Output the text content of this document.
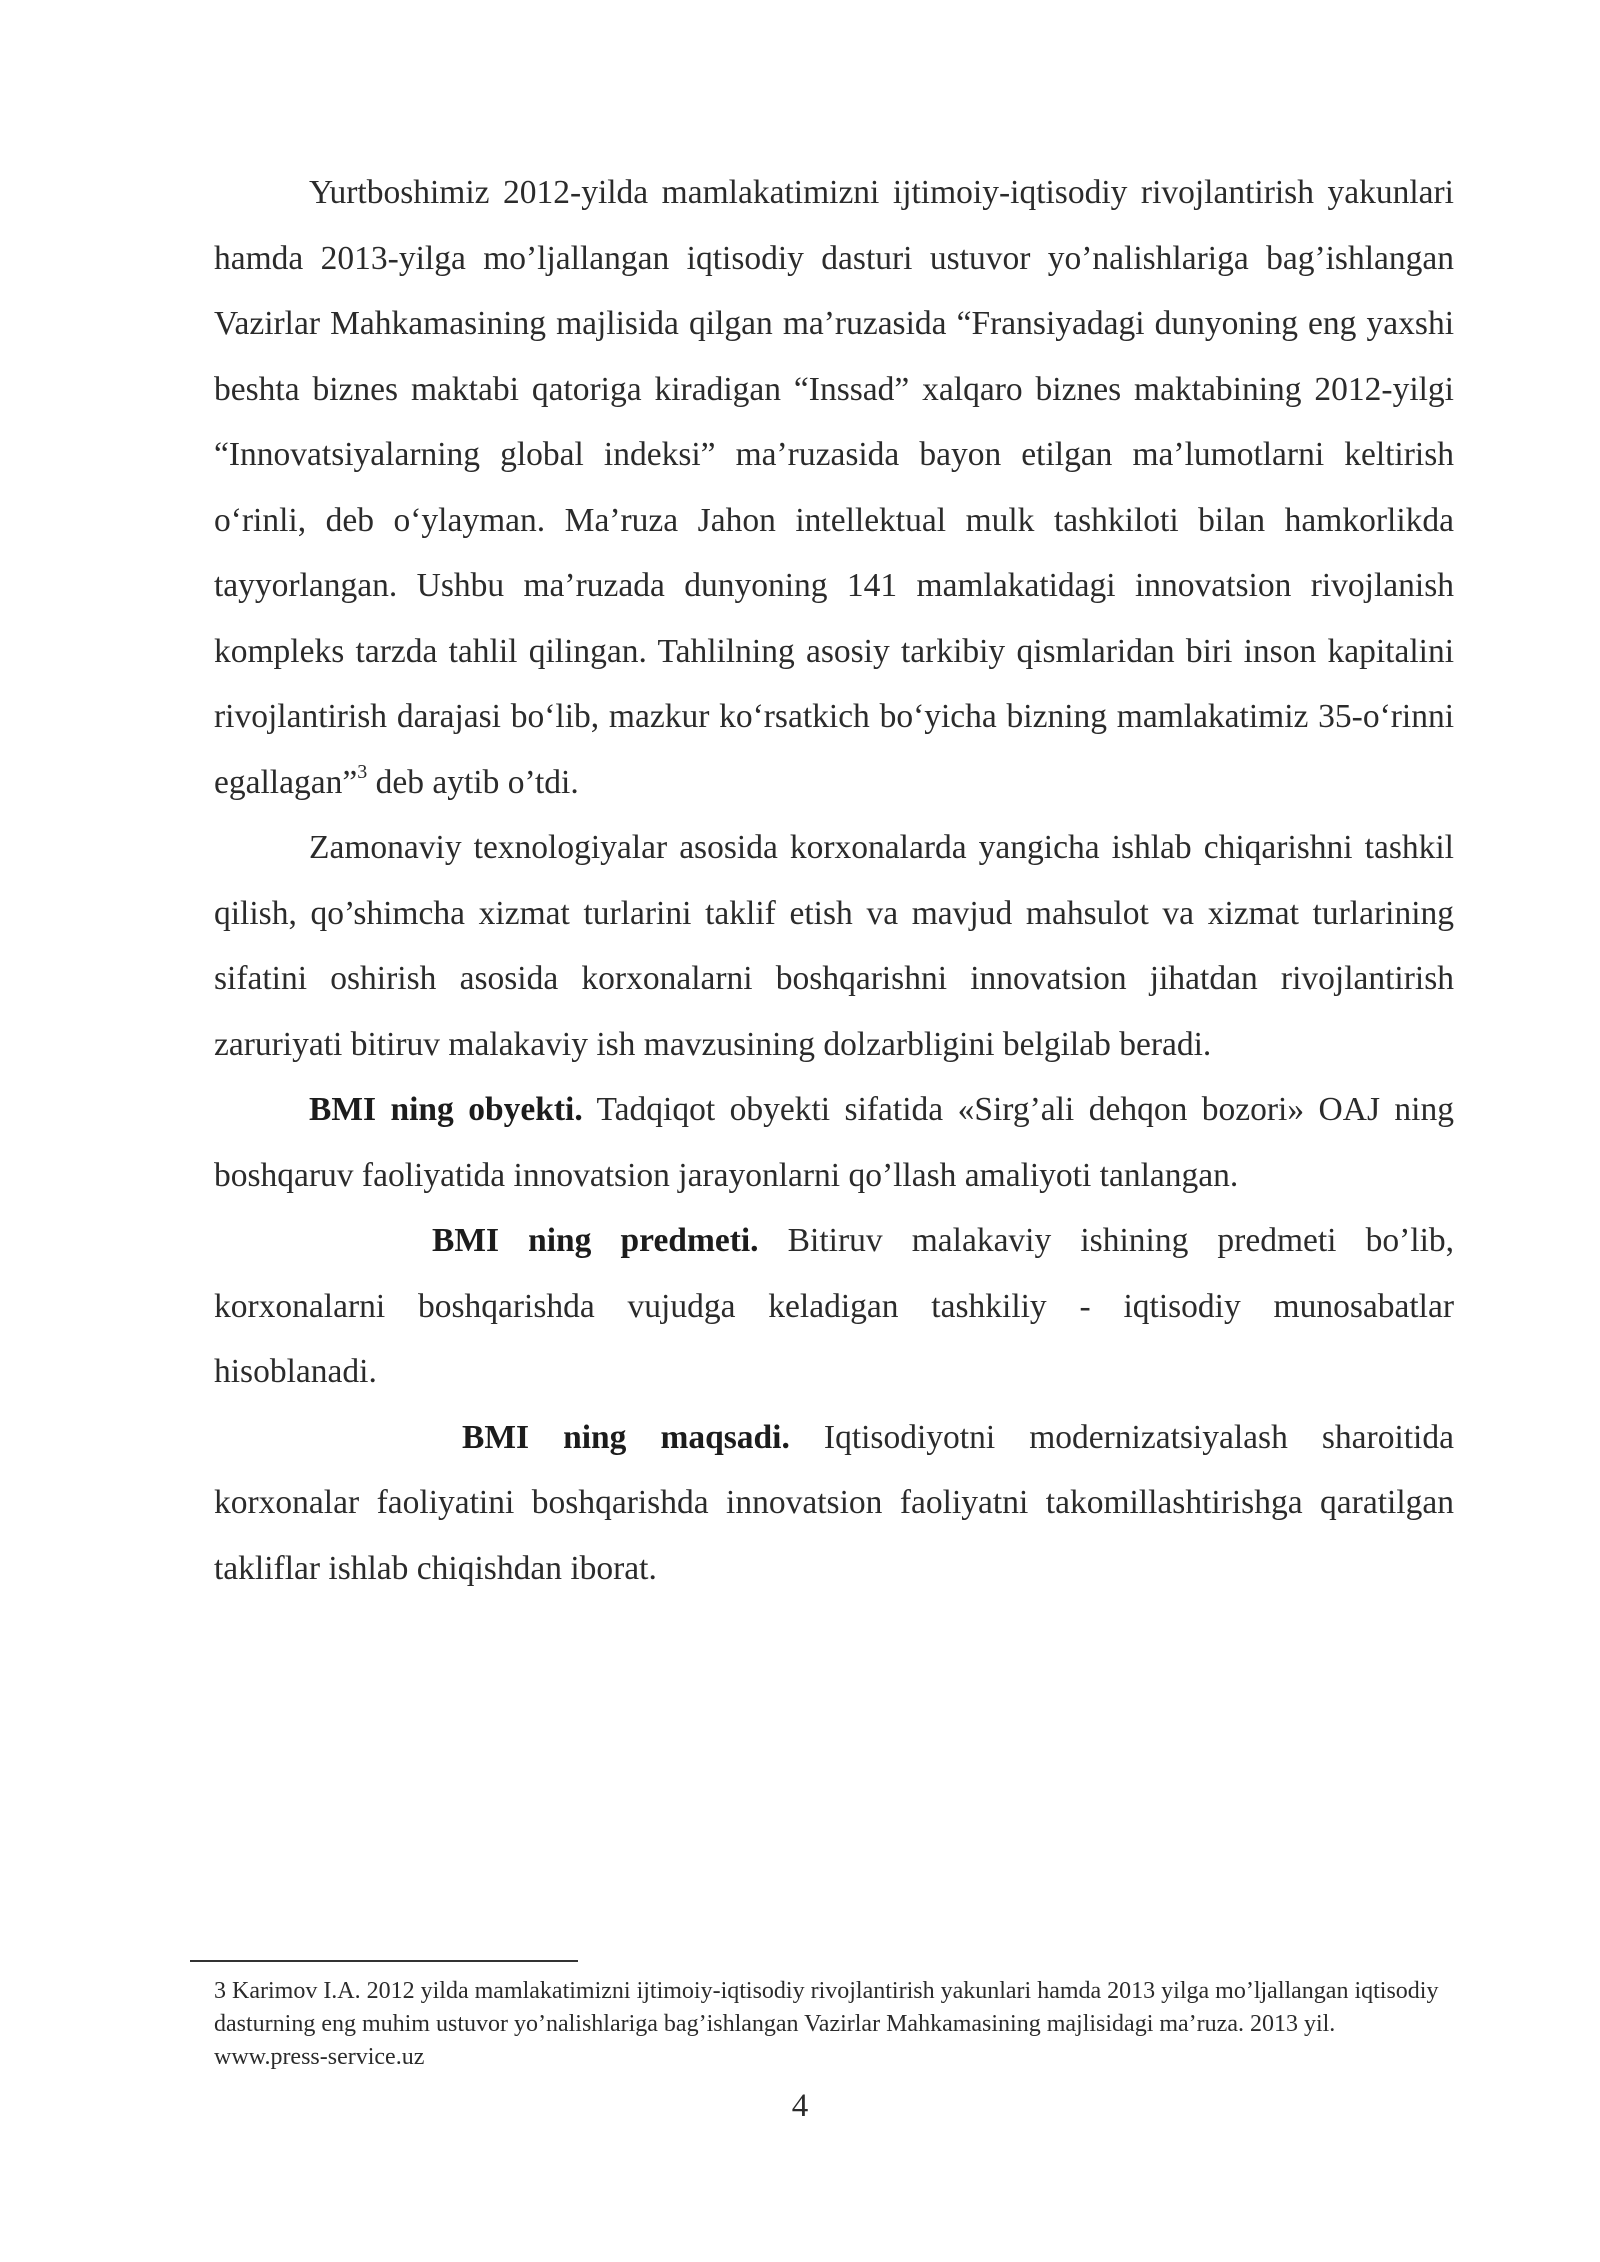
Yurtboshimiz 2012-yilda mamlakatimizni ijtimoiy-iqtisodiy rivojlantirish yakunlari hamda 2013-yilga mo’ljallangan iqtisodiy dasturi ustuvor yo’nalishlariga bag’ishlangan Vazirlar Mahkamasining majlisida qilgan ma’ruzasida “Fransiyadagi dunyoning eng yaxshi beshta biznes maktabi qatoriga kiradigan “Inssad” xalqaro biznes maktabining 2012-yilgi “Innovatsiyalarning global indeksi” ma’ruzasida bayon etilgan ma’lumotlarni keltirish o‘rinli, deb o‘ylayman. Ma’ruza Jahon intellektual mulk tashkiloti bilan hamkorlikda tayyorlangan. Ushbu ma’ruzada dunyoning 141 mamlakatidagi innovatsion rivojlanish kompleks tarzda tahlil qilingan. Tahlilning asosiy tarkibiy qismlaridan biri inson kapitalini rivojlantirish darajasi bo‘lib, mazkur ko‘rsatkich bo‘yicha bizning mamlakatimiz 35-o‘rinni egallagan”$^3$ deb aytib o’tdi.

Zamonaviy texnologiyalar asosida korxonalarda yangicha ishlab chiqarishni tashkil qilish, qo’shimcha xizmat turlarini taklif etish va mavjud mahsulot va xizmat turlarining sifatini oshirish asosida korxonalarni boshqarishni innovatsion jihatdan rivojlantirish zaruriyati bitiruv malakaviy ish mavzusining dolzarbligini belgilab beradi.

BMI ning obyekti. Tadqiqot obyekti sifatida «Sirg’ali dehqon bozori» OAJ ning boshqaruv faoliyatida innovatsion jarayonlarni qo’llash amaliyoti tanlangan.

BMI ning predmeti. Bitiruv malakaviy ishining predmeti bo’lib, korxonalarni boshqarishda vujudga keladigan tashkiliy - iqtisodiy munosabatlar hisoblanadi.

BMI ning maqsadi. Iqtisodiyotni modernizatsiyalash sharoitida korxonalar faoliyatini boshqarishda innovatsion faoliyatni takomillashtirishga qaratilgan takliflar ishlab chiqishdan iborat.

3 Karimov I.A. 2012 yilda mamlakatimizni ijtimoiy-iqtisodiy rivojlantirish yakunlari hamda 2013 yilga mo’ljallangan iqtisodiy dasturning eng muhim ustuvor yo’nalishlariga bag’ishlangan Vazirlar Mahkamasining majlisidagi ma’ruza. 2013 yil. www.press-service.uz

4
